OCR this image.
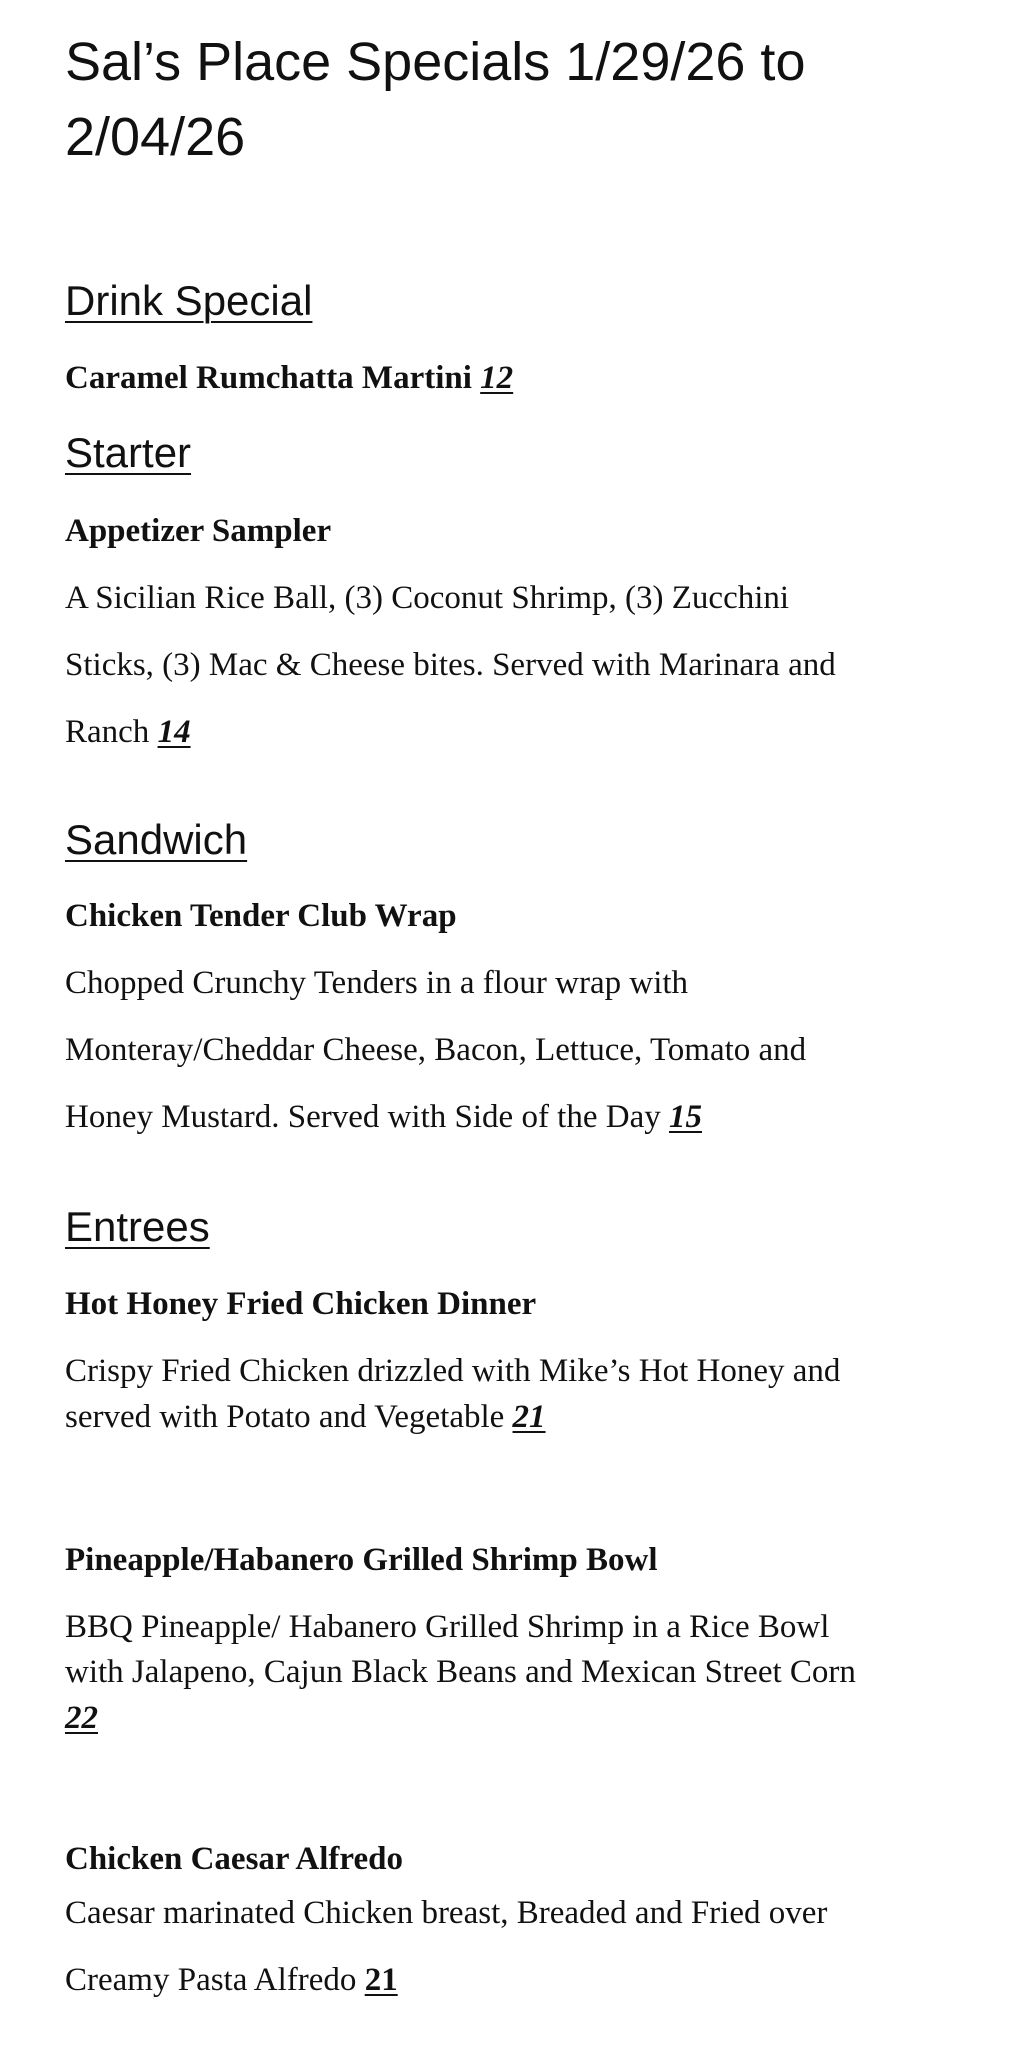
Sal’s Place Specials 1/29/26 to
2/04/26
Drink Special
Caramel Rumchatta Martini 12
Starter
Appetizer Sampler
A Sicilian Rice Ball, (3) Coconut Shrimp, (3) Zucchini
Sticks, (3) Mac & Cheese bites. Served with Marinara and
Ranch 14
Sandwich
Chicken Tender Club Wrap
Chopped Crunchy Tenders in a flour wrap with
Monteray/Cheddar Cheese, Bacon, Lettuce, Tomato and
Honey Mustard. Served with Side of the Day 15
Entrees
Hot Honey Fried Chicken Dinner
Crispy Fried Chicken drizzled with Mike’s Hot Honey and
served with Potato and Vegetable 21
Pineapple/Habanero Grilled Shrimp Bowl
BBQ Pineapple/ Habanero Grilled Shrimp in a Rice Bowl
with Jalapeno, Cajun Black Beans and Mexican Street Corn
22
Chicken Caesar Alfredo
Caesar marinated Chicken breast, Breaded and Fried over
Creamy Pasta Alfredo 21
